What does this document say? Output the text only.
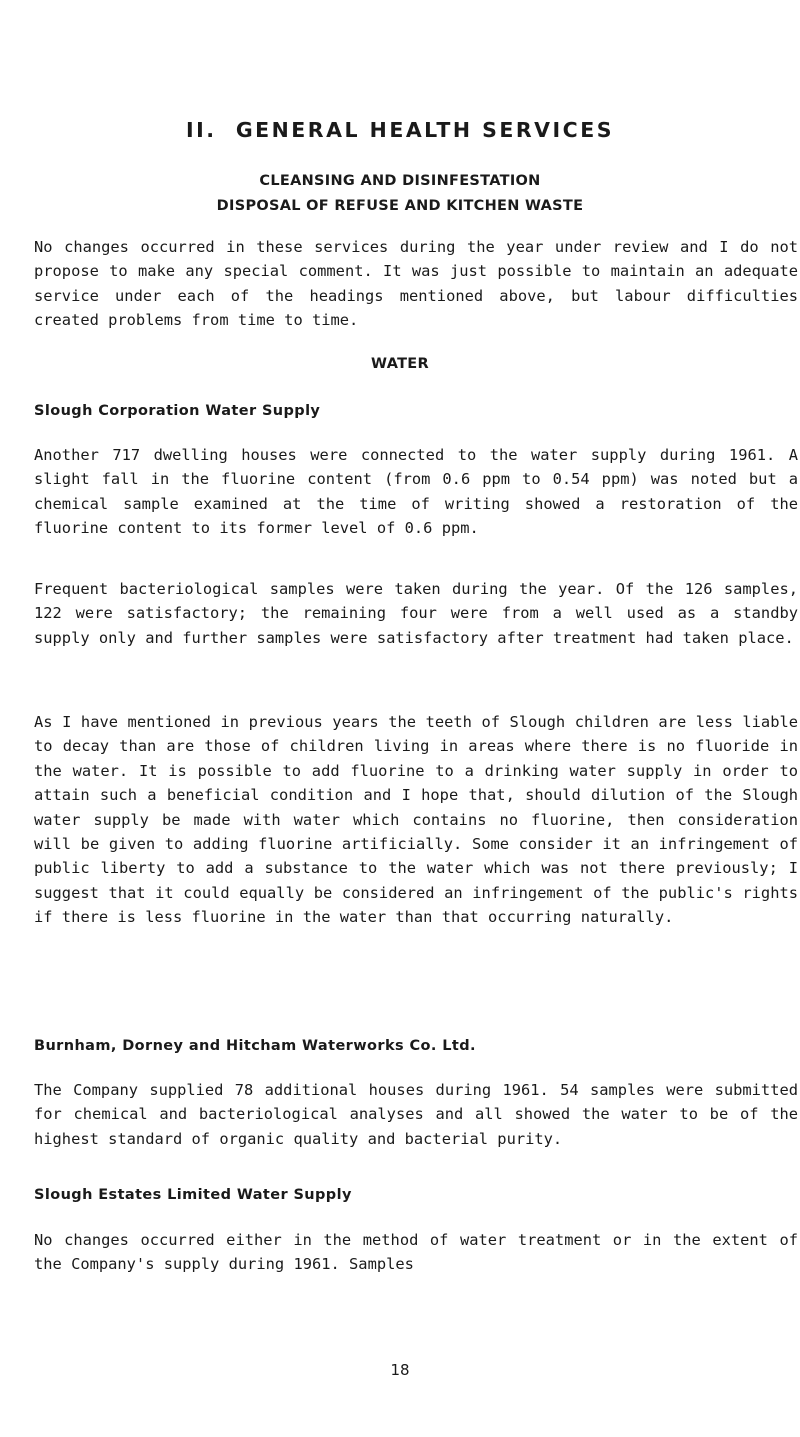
II.  GENERAL HEALTH SERVICES
CLEANSING AND DISINFESTATION
DISPOSAL OF REFUSE AND KITCHEN WASTE

No changes occurred in these services during the year under review and I do not propose to make any special comment. It was just possible to maintain an adequate service under each of the headings mentioned above, but labour difficulties created problems from time to time.

WATER
Slough Corporation Water Supply

Another 717 dwelling houses were connected to the water supply during 1961. A slight fall in the fluorine content (from 0.6 ppm to 0.54 ppm) was noted but a chemical sample examined at the time of writing showed a restoration of the fluorine content to its former level of 0.6 ppm.

Frequent bacteriological samples were taken during the year. Of the 126 samples, 122 were satisfactory; the remaining four were from a well used as a standby supply only and further samples were satisfactory after treatment had taken place.

As I have mentioned in previous years the teeth of Slough children are less liable to decay than are those of children living in areas where there is no fluoride in the water. It is possible to add fluorine to a drinking water supply in order to attain such a beneficial condition and I hope that, should dilution of the Slough water supply be made with water which contains no fluorine, then consideration will be given to adding fluorine artificially. Some consider it an infringement of public liberty to add a substance to the water which was not there previously; I suggest that it could equally be considered an infringement of the public's rights if there is less fluorine in the water than that occurring naturally.

Burnham, Dorney and Hitcham Waterworks Co. Ltd.

The Company supplied 78 additional houses during 1961. 54 samples were submitted for chemical and bacteriological analyses and all showed the water to be of the highest standard of organic quality and bacterial purity.

Slough Estates Limited Water Supply

No changes occurred either in the method of water treatment or in the extent of the Company's supply during 1961. Samples

18
